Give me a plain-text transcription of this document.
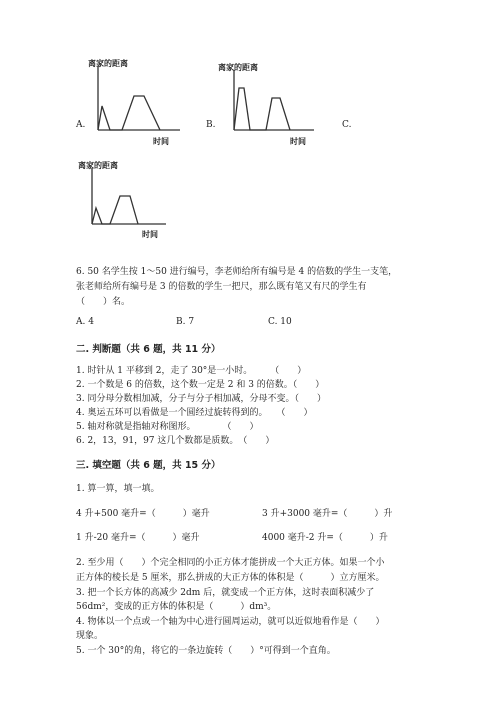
离家的距离
时间
A.
离家的距离
时间
B.	C.
离家的距离
时间
6. 50 名学生按 1～50 进行编号，李老师给所有编号是 4 的倍数的学生一支笔，
张老师给所有编号是 3 的倍数的学生一把尺，那么既有笔又有尺的学生有
（　　）名。
A. 4	B. 7	C. 10
二. 判断题（共 6 题，共 11 分）
1. 时针从 1 平移到 2，走了 30°是一小时。　　　（　　）
2. 一个数是 6 的倍数，这个数一定是 2 和 3 的倍数。（　　）
3. 同分母分数相加减，分子与分子相加减，分母不变。（　　）
4. 奥运五环可以看做是一个圆经过旋转得到的。　　（　　）
5. 轴对称就是指轴对称图形。　　　　（　　）
6. 2，13，91，97 这几个数都是质数。　（　　）
三. 填空题（共 6 题，共 15 分）
1. 算一算，填一填。
4 升+500 毫升=（　　　）毫升	3 升+3000 毫升=（　　　）升
1 升-20 毫升=（　　　）毫升	4000 毫升-2 升=（　　　）升
2. 至少用（　　）个完全相同的小正方体才能拼成一个大正方体。如果一个小
正方体的棱长是 5 厘米，那么拼成的大正方体的体积是（　　　）立方厘米。
3. 把一个长方体的高减少 2dm 后，就变成一个正方体，这时表面积减少了
56dm²，变成的正方体的体积是（　　　）dm³。
4. 物体以一个点或一个轴为中心进行圆周运动，就可以近似地看作是（　　）
现象。
5. 一个 30°的角，将它的一条边旋转（　　）°可得到一个直角。
